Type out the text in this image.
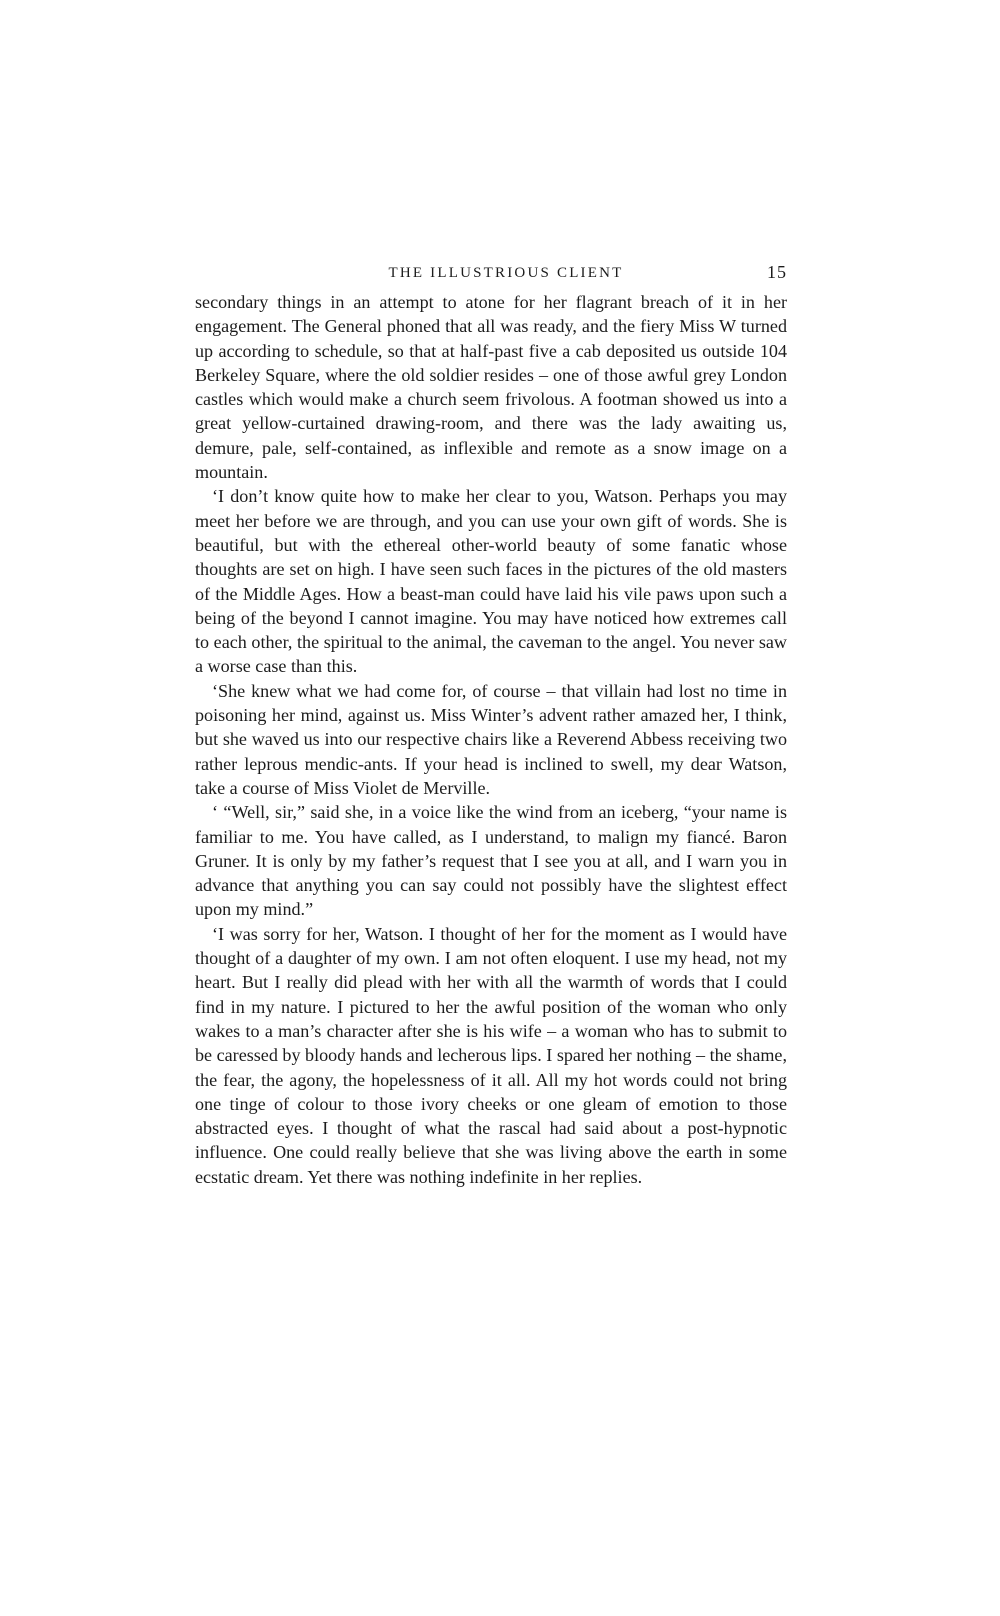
THE ILLUSTRIOUS CLIENT	15

secondary things in an attempt to atone for her flagrant breach of it in her engagement. The General phoned that all was ready, and the fiery Miss W turned up according to schedule, so that at half-past five a cab deposited us outside 104 Berkeley Square, where the old soldier resides – one of those awful grey London castles which would make a church seem frivolous. A footman showed us into a great yellow-curtained drawing-room, and there was the lady awaiting us, demure, pale, self-contained, as inflexible and remote as a snow image on a mountain.

‘I don’t know quite how to make her clear to you, Watson. Perhaps you may meet her before we are through, and you can use your own gift of words. She is beautiful, but with the ethereal other-world beauty of some fanatic whose thoughts are set on high. I have seen such faces in the pictures of the old masters of the Middle Ages. How a beast-man could have laid his vile paws upon such a being of the beyond I cannot imagine. You may have noticed how extremes call to each other, the spiritual to the animal, the caveman to the angel. You never saw a worse case than this.

‘She knew what we had come for, of course – that villain had lost no time in poisoning her mind, against us. Miss Winter’s advent rather amazed her, I think, but she waved us into our respective chairs like a Reverend Abbess receiving two rather leprous mendic-ants. If your head is inclined to swell, my dear Watson, take a course of Miss Violet de Merville.

‘ “Well, sir,” said she, in a voice like the wind from an iceberg, “your name is familiar to me. You have called, as I understand, to malign my fiancé. Baron Gruner. It is only by my father’s request that I see you at all, and I warn you in advance that anything you can say could not possibly have the slightest effect upon my mind.”

‘I was sorry for her, Watson. I thought of her for the moment as I would have thought of a daughter of my own. I am not often eloquent. I use my head, not my heart. But I really did plead with her with all the warmth of words that I could find in my nature. I pictured to her the awful position of the woman who only wakes to a man’s character after she is his wife – a woman who has to submit to be caressed by bloody hands and lecherous lips. I spared her nothing – the shame, the fear, the agony, the hopelessness of it all. All my hot words could not bring one tinge of colour to those ivory cheeks or one gleam of emotion to those abstracted eyes. I thought of what the rascal had said about a post-hypnotic influence. One could really believe that she was living above the earth in some ecstatic dream. Yet there was nothing indefinite in her replies.
